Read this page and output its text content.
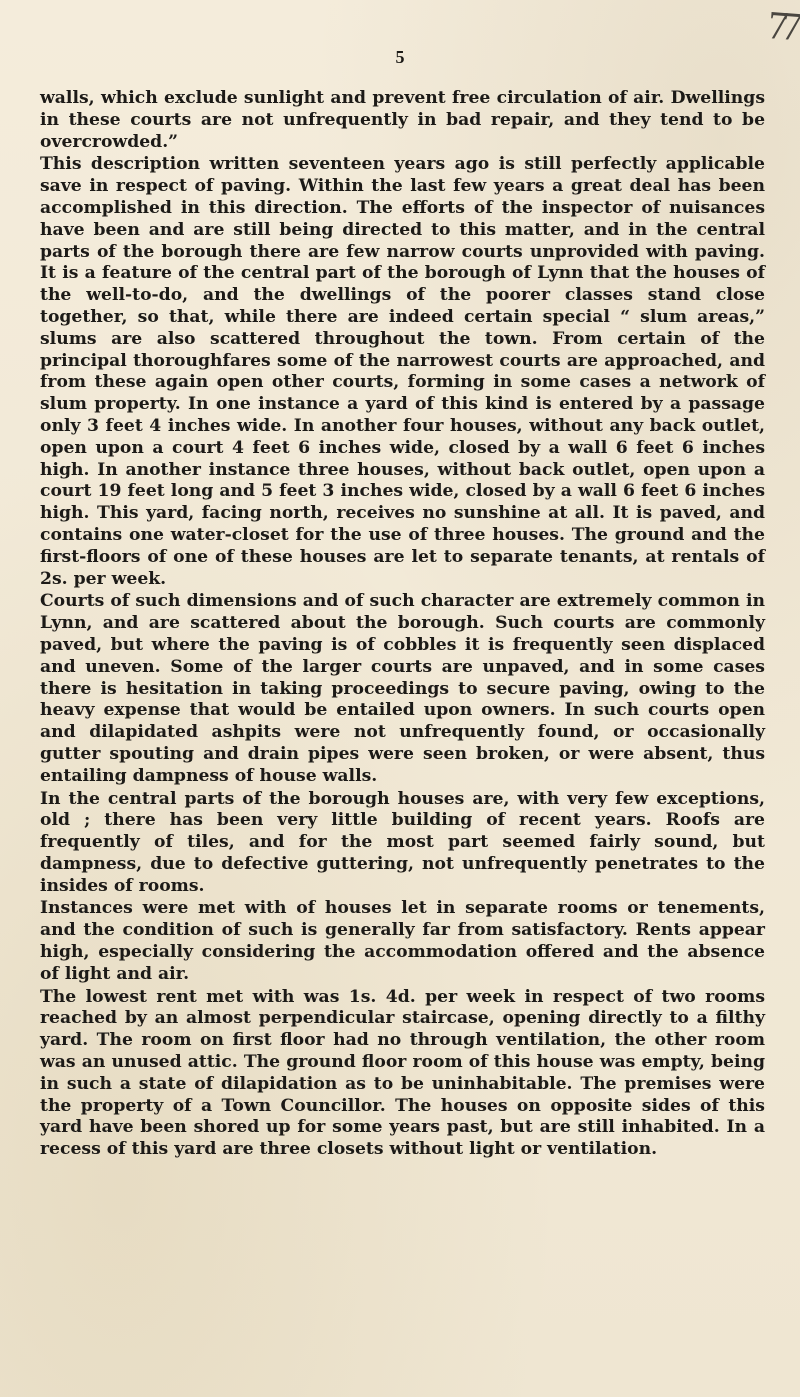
77
5

walls, which exclude sunlight and prevent free circulation of air. Dwellings in these courts are not unfrequently in bad repair, and they tend to be overcrowded.”

This description written seventeen years ago is still perfectly applicable save in respect of paving. Within the last few years a great deal has been accomplished in this direction. The efforts of the inspector of nuisances have been and are still being directed to this matter, and in the central parts of the borough there are few narrow courts unprovided with paving. It is a feature of the central part of the borough of Lynn that the houses of the well-to-do, and the dwellings of the poorer classes stand close together, so that, while there are indeed certain special “ slum areas,” slums are also scattered throughout the town. From certain of the principal thoroughfares some of the narrowest courts are approached, and from these again open other courts, forming in some cases a network of slum property. In one instance a yard of this kind is entered by a passage only 3 feet 4 inches wide. In another four houses, without any back outlet, open upon a court 4 feet 6 inches wide, closed by a wall 6 feet 6 inches high. In another instance three houses, without back outlet, open upon a court 19 feet long and 5 feet 3 inches wide, closed by a wall 6 feet 6 inches high. This yard, facing north, receives no sunshine at all. It is paved, and contains one water-closet for the use of three houses. The ground and the first-floors of one of these houses are let to separate tenants, at rentals of 2s. per week.

Courts of such dimensions and of such character are extremely common in Lynn, and are scattered about the borough. Such courts are commonly paved, but where the paving is of cobbles it is frequently seen displaced and uneven. Some of the larger courts are unpaved, and in some cases there is hesitation in taking proceedings to secure paving, owing to the heavy expense that would be entailed upon owners. In such courts open and dilapidated ashpits were not unfrequently found, or occasionally gutter spouting and drain pipes were seen broken, or were absent, thus entailing dampness of house walls.

In the central parts of the borough houses are, with very few exceptions, old ; there has been very little building of recent years. Roofs are frequently of tiles, and for the most part seemed fairly sound, but dampness, due to defective guttering, not unfrequently penetrates to the insides of rooms.

Instances were met with of houses let in separate rooms or tenements, and the condition of such is generally far from satisfactory. Rents appear high, especially considering the accommodation offered and the absence of light and air.

The lowest rent met with was 1s. 4d. per week in respect of two rooms reached by an almost perpendicular staircase, opening directly to a filthy yard. The room on first floor had no through ventilation, the other room was an unused attic. The ground floor room of this house was empty, being in such a state of dilapidation as to be uninhabitable. The premises were the property of a Town Councillor. The houses on opposite sides of this yard have been shored up for some years past, but are still inhabited. In a recess of this yard are three closets without light or ventilation.
